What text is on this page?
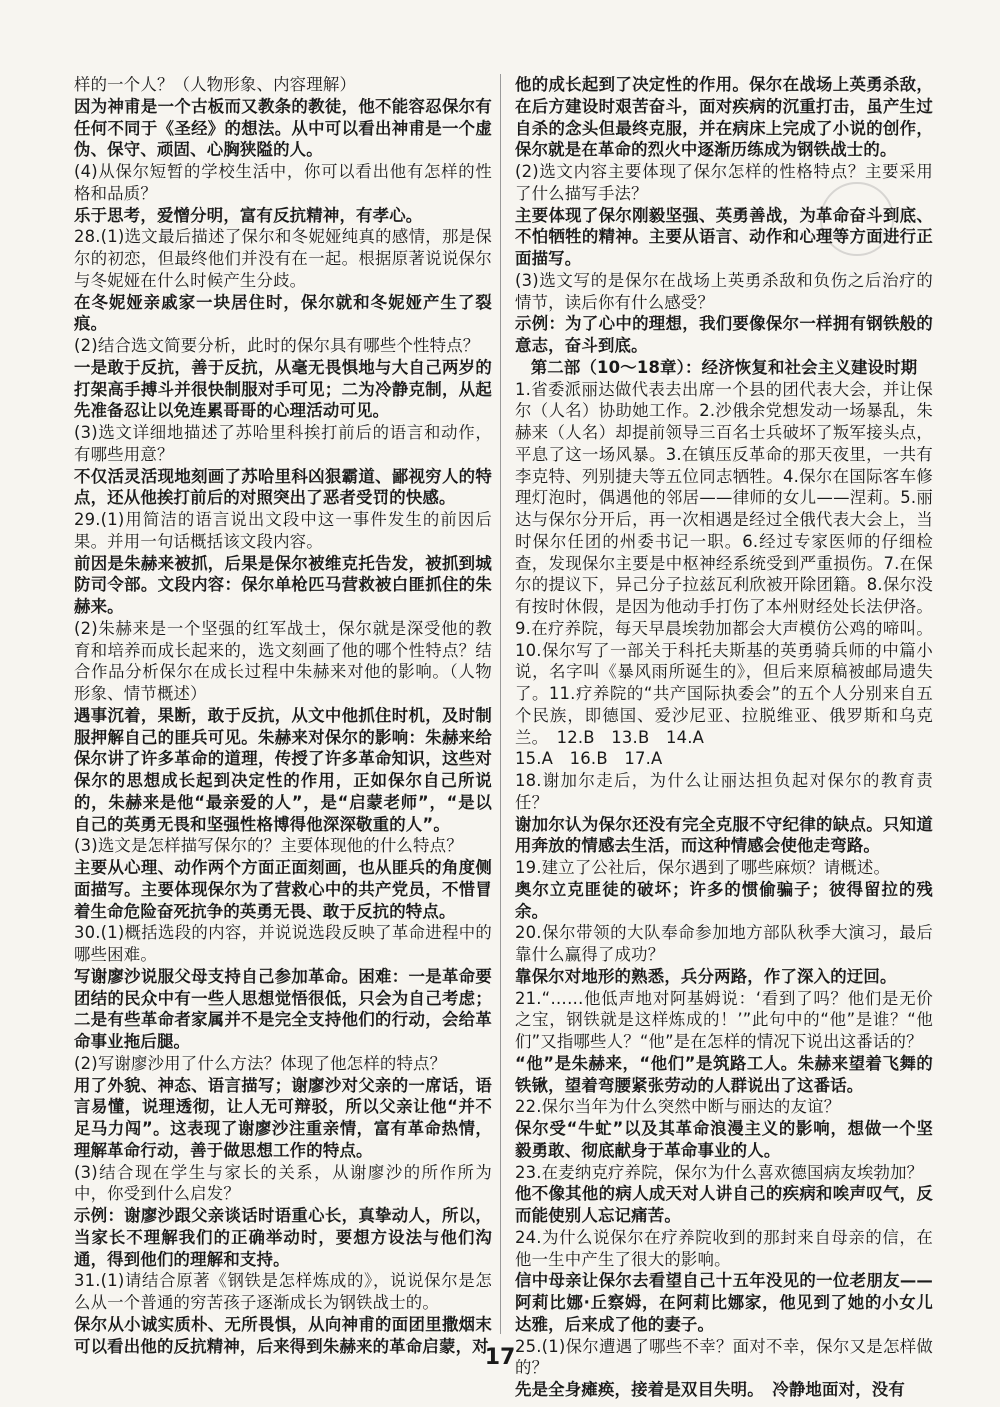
样的一个人？（人物形象、内容理解）

因为神甫是一个古板而又教条的教徒，他不能容忍保尔有任何不同于《圣经》的想法。从中可以看出神甫是一个虚伪、保守、顽固、心胸狭隘的人。

(4)从保尔短暂的学校生活中，你可以看出他有怎样的性格和品质？

乐于思考，爱憎分明，富有反抗精神，有孝心。

28.(1)选文最后描述了保尔和冬妮娅纯真的感情，那是保尔的初恋，但最终他们并没有在一起。根据原著说说保尔与冬妮娅在什么时候产生分歧。

在冬妮娅亲戚家一块居住时，保尔就和冬妮娅产生了裂痕。

(2)结合选文简要分析，此时的保尔具有哪些个性特点？

一是敢于反抗，善于反抗，从毫无畏惧地与大自己两岁的打架高手搏斗并很快制服对手可见；二为冷静克制，从起先准备忍让以免连累哥哥的心理活动可见。

(3)选文详细地描述了苏哈里科挨打前后的语言和动作，有哪些用意？

不仅活灵活现地刻画了苏哈里科凶狠霸道、鄙视穷人的特点，还从他挨打前后的对照突出了恶者受罚的快感。

29.(1)用简洁的语言说出文段中这一事件发生的前因后果。并用一句话概括该文段内容。

前因是朱赫来被抓，后果是保尔被维克托告发，被抓到城防司令部。文段内容：保尔单枪匹马营救被白匪抓住的朱赫来。

(2)朱赫来是一个坚强的红军战士，保尔就是深受他的教育和培养而成长起来的，选文刻画了他的哪个性特点？结合作品分析保尔在成长过程中朱赫来对他的影响。（人物形象、情节概述）

遇事沉着，果断，敢于反抗，从文中他抓住时机，及时制服押解自己的匪兵可见。朱赫来对保尔的影响：朱赫来给保尔讲了许多革命的道理，传授了许多革命知识，这些对保尔的思想成长起到决定性的作用，正如保尔自己所说的，朱赫来是他“最亲爱的人”，是“启蒙老师”，“是以自己的英勇无畏和坚强性格博得他深深敬重的人”。

(3)选文是怎样描写保尔的？主要体现他的什么特点？

主要从心理、动作两个方面正面刻画，也从匪兵的角度侧面描写。主要体现保尔为了营救心中的共产党员，不惜冒着生命危险奋死抗争的英勇无畏、敢于反抗的特点。

30.(1)概括选段的内容，并说说选段反映了革命进程中的哪些困难。

写谢廖沙说服父母支持自己参加革命。困难：一是革命要团结的民众中有一些人思想觉悟很低，只会为自己考虑；二是有些革命者家属并不是完全支持他们的行动，会给革命事业拖后腿。

(2)写谢廖沙用了什么方法？体现了他怎样的特点？

用了外貌、神态、语言描写；谢廖沙对父亲的一席话，语言易懂，说理透彻，让人无可辩驳，所以父亲让他“并不足马力闯”。这表现了谢廖沙注重亲情，富有革命热情，理解革命行动，善于做思想工作的特点。

(3)结合现在学生与家长的关系，从谢廖沙的所作所为中，你受到什么启发？

示例：谢廖沙跟父亲谈话时语重心长，真挚动人，所以，当家长不理解我们的正确举动时，要想方设法与他们沟通，得到他们的理解和支持。

31.(1)请结合原著《钢铁是怎样炼成的》，说说保尔是怎么从一个普通的穷苦孩子逐渐成长为钢铁战士的。

保尔从小诚实质朴、无所畏惧，从向神甫的面团里撒烟末可以看出他的反抗精神，后来得到朱赫来的革命启蒙，对

他的成长起到了决定性的作用。保尔在战场上英勇杀敌，在后方建设时艰苦奋斗，面对疾病的沉重打击，虽产生过自杀的念头但最终克服，并在病床上完成了小说的创作，保尔就是在革命的烈火中逐渐历练成为钢铁战士的。

(2)选文内容主要体现了保尔怎样的性格特点？主要采用了什么描写手法？

主要体现了保尔刚毅坚强、英勇善战，为革命奋斗到底、不怕牺牲的精神。主要从语言、动作和心理等方面进行正面描写。

(3)选文写的是保尔在战场上英勇杀敌和负伤之后治疗的情节，读后你有什么感受？

示例：为了心中的理想，我们要像保尔一样拥有钢铁般的意志，奋斗到底。

第二部（10～18章）：经济恢复和社会主义建设时期

1.省委派丽达做代表去出席一个县的团代表大会，并让保尔（人名）协助她工作。2.沙俄余党想发动一场暴乱，朱赫来（人名）却提前领导三百名士兵破坏了叛军接头点，平息了这一场风暴。3.在镇压反革命的那天夜里，一共有李克特、列别捷夫等五位同志牺牲。4.保尔在国际客车修理灯泡时，偶遇他的邻居——律师的女儿——涅莉。5.丽达与保尔分开后，再一次相遇是经过全俄代表大会上，当时保尔任团的州委书记一职。6.经过专家医师的仔细检查，发现保尔主要是中枢神经系统受到严重损伤。7.在保尔的提议下，异己分子拉兹瓦利欣被开除团籍。8.保尔没有按时休假，是因为他动手打伤了本州财经处长法伊洛。9.在疗养院，每天早晨埃勃加都会大声模仿公鸡的啼叫。10.保尔写了一部关于科托夫斯基的英勇骑兵师的中篇小说，名字叫《暴风雨所诞生的》，但后来原稿被邮局遗失了。11.疗养院的“共产国际执委会”的五个人分别来自五个民族，即德国、爱沙尼亚、拉脱维亚、俄罗斯和乌克兰。　12.B　13.B　14.A

15.A　16.B　17.A

18.谢加尔走后，为什么让丽达担负起对保尔的教育责任？

谢加尔认为保尔还没有完全克服不守纪律的缺点。只知道用奔放的情感去生活，而这种情感会使他走弯路。

19.建立了公社后，保尔遇到了哪些麻烦？请概述。

奥尔立克匪徒的破坏；许多的惯偷骗子；彼得留拉的残余。

20.保尔带领的大队奉命参加地方部队秋季大演习，最后靠什么赢得了成功？

靠保尔对地形的熟悉，兵分两路，作了深入的迂回。

21.“……他低声地对阿基姆说：‘看到了吗？他们是无价之宝，钢铁就是这样炼成的！’”此句中的“他”是谁？“他们”又指哪些人？“他”是在怎样的情况下说出这番话的？

“他”是朱赫来，“他们”是筑路工人。朱赫来望着飞舞的铁锹，望着弯腰紧张劳动的人群说出了这番话。

22.保尔当年为什么突然中断与丽达的友谊？

保尔受“牛虻”以及其革命浪漫主义的影响，想做一个坚毅勇敢、彻底献身于革命事业的人。

23.在麦纳克疗养院，保尔为什么喜欢德国病友埃勃加？

他不像其他的病人成天对人讲自己的疾病和唉声叹气，反而能使别人忘记痛苦。

24.为什么说保尔在疗养院收到的那封来自母亲的信，在他一生中产生了很大的影响。

信中母亲让保尔去看望自己十五年没见的一位老朋友——阿莉比娜·丘察姆，在阿莉比娜家，他见到了她的小女儿达雅，后来成了他的妻子。

25.(1)保尔遭遇了哪些不幸？面对不幸，保尔又是怎样做的？

先是全身瘫痪，接着是双目失明。　冷静地面对，没有

17
